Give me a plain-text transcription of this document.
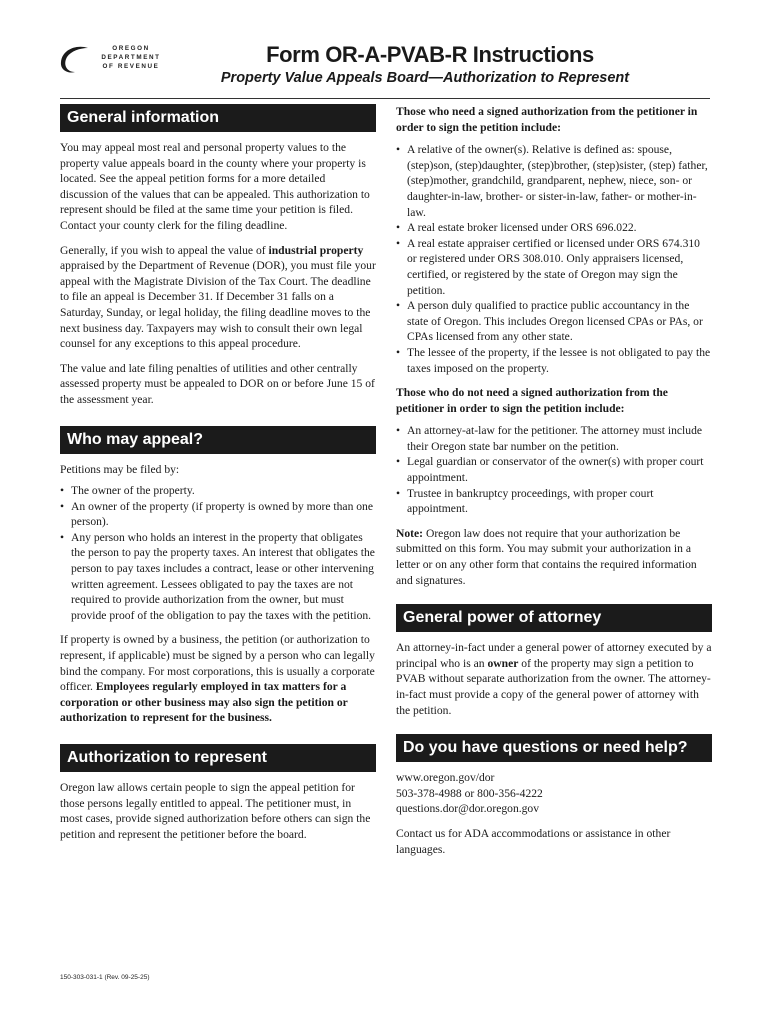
OREGON
DEPARTMENT
OF REVENUE	Form OR-A-PVAB-R Instructions
Property Value Appeals Board—Authorization to Represent
General information

You may appeal most real and personal property values to the property value appeals board in the county where your property is located. See the appeal petition forms for a more detailed discussion of the values that can be appealed. This authorization to represent should be filed at the same time your petition is filed. Contact your county clerk for the filing deadline.

Generally, if you wish to appeal the value of industrial property appraised by the Department of Revenue (DOR), you must file your appeal with the Magistrate Division of the Tax Court. The deadline to file an appeal is December 31. If December 31 falls on a Saturday, Sunday, or legal holiday, the filing deadline moves to the next business day. Taxpayers may wish to consult their own legal counsel for any exceptions to this appeal procedure.

The value and late filing penalties of utilities and other centrally assessed property must be appealed to DOR on or before June 15 of the assessment year.

Who may appeal?

Petitions may be filed by:

• The owner of the property.
• An owner of the property (if property is owned by more than one person).
• Any person who holds an interest in the property that obligates the person to pay the property taxes. An interest that obligates the person to pay taxes includes a contract, lease or other intervening written agreement. Lessees obligated to pay the taxes are not required to provide authorization from the owner, but must provide proof of the obligation to pay the taxes with the petition.

If property is owned by a business, the petition (or authorization to represent, if applicable) must be signed by a person who can legally bind the company. For most corporations, this is usually a corporate officer. Employees regularly employed in tax matters for a corporation or other business may also sign the petition or authorization to represent for the business.

Authorization to represent

Oregon law allows certain people to sign the appeal petition for those persons legally entitled to appeal. The petitioner must, in most cases, provide signed authorization before others can sign the petition and represent the petitioner before the board.

Those who need a signed authorization from the petitioner in order to sign the petition include:
• A relative of the owner(s). Relative is defined as: spouse, (step)son, (step)daughter, (step)brother, (step)sister, (step) father, (step)mother, grandchild, grandparent, nephew, niece, son- or daughter-in-law, brother- or sister-in-law, father- or mother-in-law.
• A real estate broker licensed under ORS 696.022.
• A real estate appraiser certified or licensed under ORS 674.310 or registered under ORS 308.010. Only appraisers licensed, certified, or registered by the state of Oregon may sign the petition.
• A person duly qualified to practice public accountancy in the state of Oregon. This includes Oregon licensed CPAs or PAs, or CPAs licensed from any other state.
• The lessee of the property, if the lessee is not obligated to pay the taxes imposed on the property.
Those who do not need a signed authorization from the petitioner in order to sign the petition include:
• An attorney-at-law for the petitioner. The attorney must include their Oregon state bar number on the petition.
• Legal guardian or conservator of the owner(s) with proper court appointment.
• Trustee in bankruptcy proceedings, with proper court appointment.

Note: Oregon law does not require that your authorization be submitted on this form. You may submit your authorization in a letter or on any other form that contains the required information and signatures.

General power of attorney

An attorney-in-fact under a general power of attorney executed by a principal who is an owner of the property may sign a petition to PVAB without separate authorization from the owner. The attorney-in-fact must provide a copy of the general power of attorney with the petition.

Do you have questions or need help?

www.oregon.gov/dor

503-378-4988 or 800-356-4222

questions.dor@dor.oregon.gov

Contact us for ADA accommodations or assistance in other languages.

150-303-031-1 (Rev. 09-25-25)
